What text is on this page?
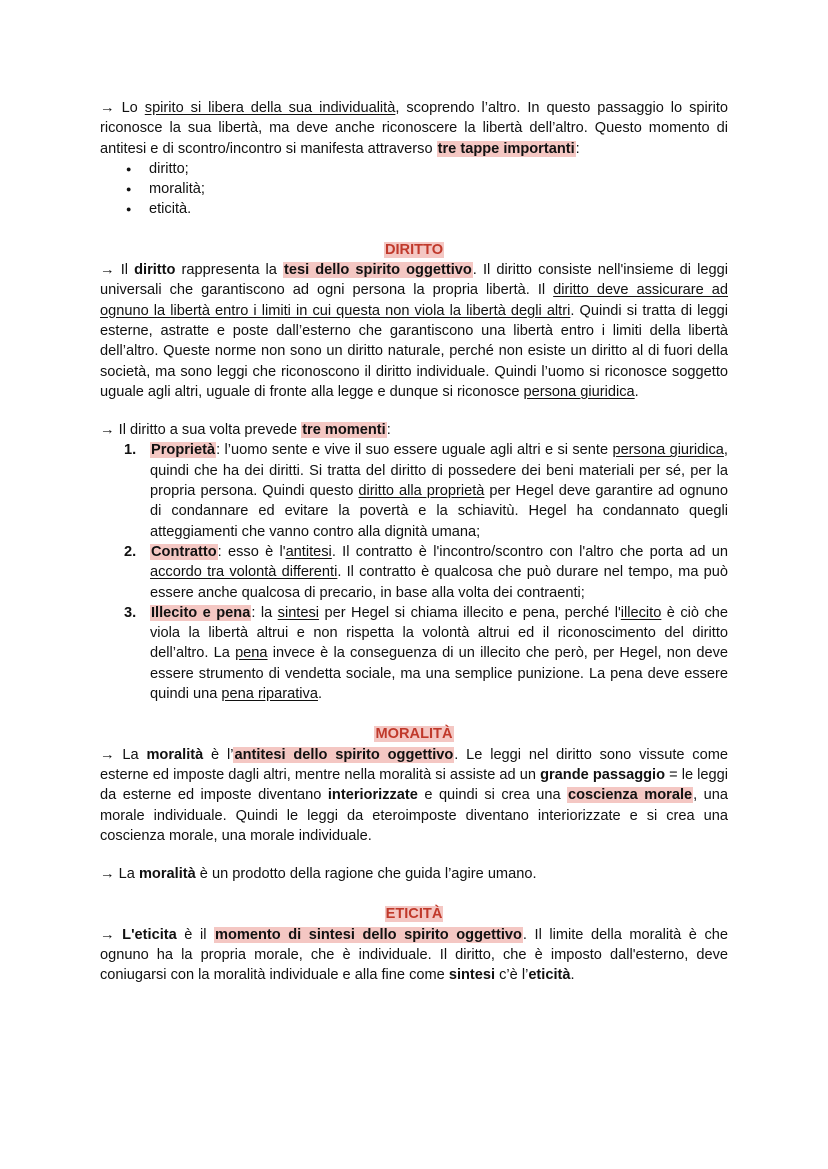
→ Lo spirito si libera della sua individualità, scoprendo l’altro. In questo passaggio lo spirito riconosce la sua libertà, ma deve anche riconoscere la libertà dell’altro. Questo momento di antitesi e di scontro/incontro si manifesta attraverso tre tappe importanti:

● diritto;
● moralità;
● eticità.

DIRITTO

→ Il diritto rappresenta la tesi dello spirito oggettivo. Il diritto consiste nell'insieme di leggi universali che garantiscono ad ogni persona la propria libertà. Il diritto deve assicurare ad ognuno la libertà entro i limiti in cui questa non viola la libertà degli altri. Quindi si tratta di leggi esterne, astratte e poste dall’esterno che garantiscono una libertà entro i limiti della libertà dell’altro. Queste norme non sono un diritto naturale, perché non esiste un diritto al di fuori della società, ma sono leggi che riconoscono il diritto individuale. Quindi l’uomo si riconosce soggetto uguale agli altri, uguale di fronte alla legge e dunque si riconosce persona giuridica.

→ Il diritto a sua volta prevede tre momenti:

1. Proprietà: l’uomo sente e vive il suo essere uguale agli altri e si sente persona giuridica, quindi che ha dei diritti. Si tratta del diritto di possedere dei beni materiali per sé, per la propria persona. Quindi questo diritto alla proprietà per Hegel deve garantire ad ognuno di condannare ed evitare la povertà e la schiavitù. Hegel ha condannato quegli atteggiamenti che vanno contro alla dignità umana;
2. Contratto: esso è l'antitesi. Il contratto è l'incontro/scontro con l'altro che porta ad un accordo tra volontà differenti. Il contratto è qualcosa che può durare nel tempo, ma può essere anche qualcosa di precario, in base alla volta dei contraenti;
3. Illecito e pena: la sintesi per Hegel si chiama illecito e pena, perché l'illecito è ciò che viola la libertà altrui e non rispetta la volontà altrui ed il riconoscimento del diritto dell’altro. La pena invece è la conseguenza di un illecito che però, per Hegel, non deve essere strumento di vendetta sociale, ma una semplice punizione. La pena deve essere quindi una pena riparativa.

MORALITÀ

→ La moralità è l’antitesi dello spirito oggettivo. Le leggi nel diritto sono vissute come esterne ed imposte dagli altri, mentre nella moralità si assiste ad un grande passaggio = le leggi da esterne ed imposte diventano interiorizzate e quindi si crea una coscienza morale, una morale individuale. Quindi le leggi da eteroimposte diventano interiorizzate e si crea una coscienza morale, una morale individuale.

→ La moralità è un prodotto della ragione che guida l’agire umano.

ETICITÀ

→ L'eticita è il momento di sintesi dello spirito oggettivo. Il limite della moralità è che ognuno ha la propria morale, che è individuale. Il diritto, che è imposto dall'esterno, deve coniugarsi con la moralità individuale e alla fine come sintesi c’è l’eticità.
